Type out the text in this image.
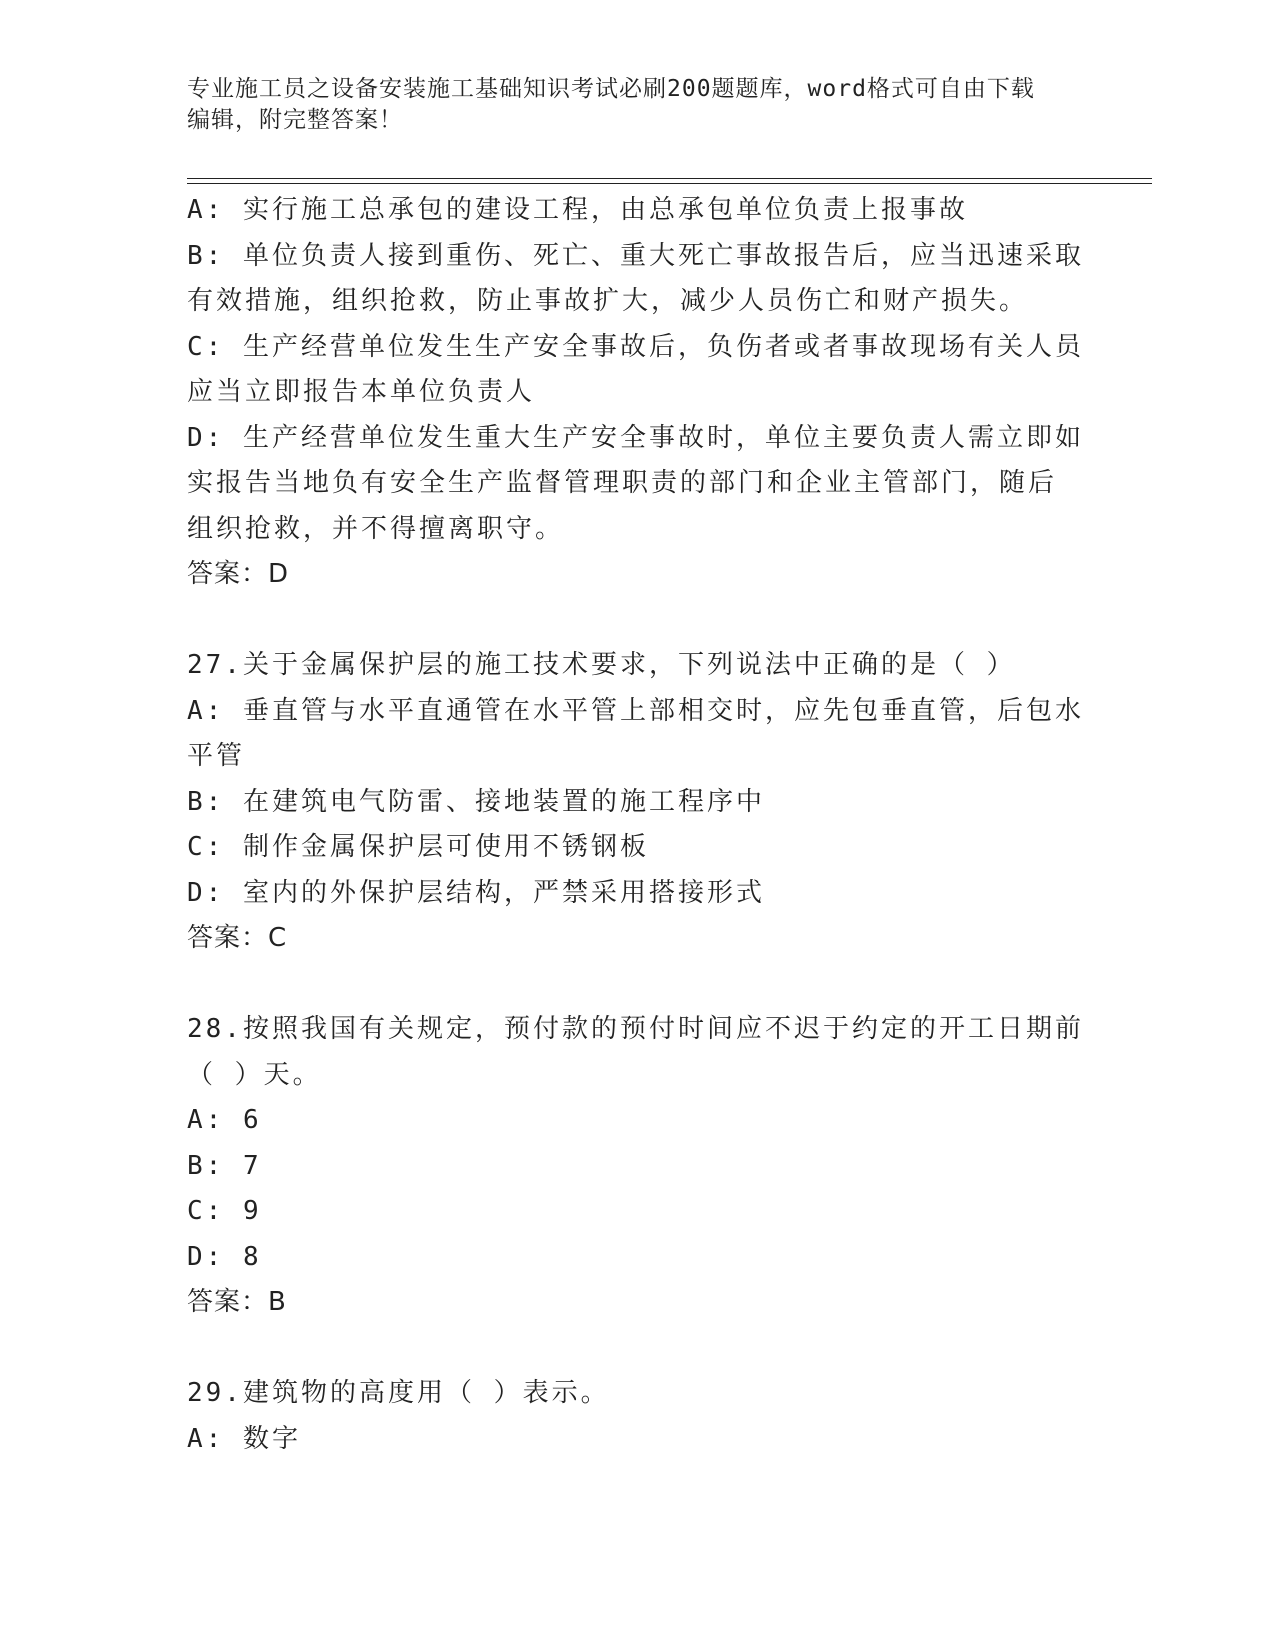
专业施工员之设备安装施工基础知识考试必刷200题题库，word格式可自由下载
编辑，附完整答案！
A: 实行施工总承包的建设工程，由总承包单位负责上报事故
B: 单位负责人接到重伤、死亡、重大死亡事故报告后，应当迅速采取
有效措施，组织抢救，防止事故扩大，减少人员伤亡和财产损失。
C: 生产经营单位发生生产安全事故后，负伤者或者事故现场有关人员
应当立即报告本单位负责人
D: 生产经营单位发生重大生产安全事故时，单位主要负责人需立即如
实报告当地负有安全生产监督管理职责的部门和企业主管部门，随后
组织抢救，并不得擅离职守。
答案：D
27.关于金属保护层的施工技术要求，下列说法中正确的是（ ）
A: 垂直管与水平直通管在水平管上部相交时，应先包垂直管，后包水
平管
B: 在建筑电气防雷、接地装置的施工程序中
C: 制作金属保护层可使用不锈钢板
D: 室内的外保护层结构，严禁采用搭接形式
答案：C
28.按照我国有关规定，预付款的预付时间应不迟于约定的开工日期前
（ ）天。
A: 6
B: 7
C: 9
D: 8
答案：B
29.建筑物的高度用（ ）表示。
A: 数字
